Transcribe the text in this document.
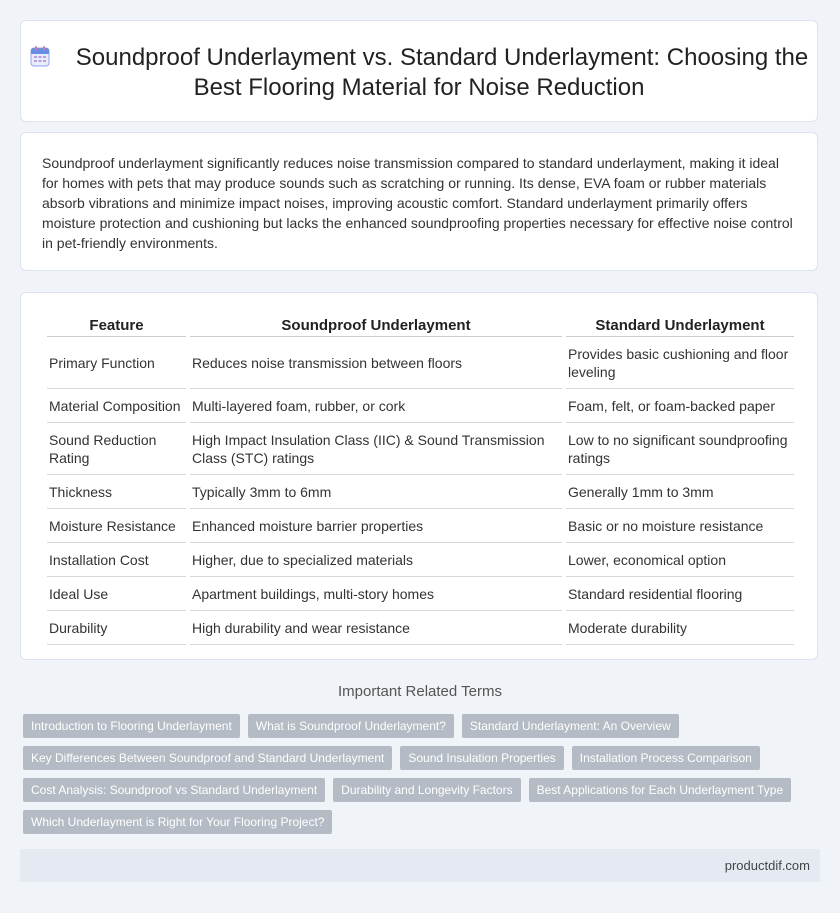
Soundproof Underlayment vs. Standard Underlayment: Choosing the Best Flooring Material for Noise Reduction
Soundproof underlayment significantly reduces noise transmission compared to standard underlayment, making it ideal for homes with pets that may produce sounds such as scratching or running. Its dense, EVA foam or rubber materials absorb vibrations and minimize impact noises, improving acoustic comfort. Standard underlayment primarily offers moisture protection and cushioning but lacks the enhanced soundproofing properties necessary for effective noise control in pet-friendly environments.
Feature	Soundproof Underlayment	Standard Underlayment
Primary Function	Reduces noise transmission between floors	Provides basic cushioning and floor leveling
Material Composition	Multi-layered foam, rubber, or cork	Foam, felt, or foam-backed paper
Sound Reduction Rating	High Impact Insulation Class (IIC) & Sound Transmission Class (STC) ratings	Low to no significant soundproofing ratings
Thickness	Typically 3mm to 6mm	Generally 1mm to 3mm
Moisture Resistance	Enhanced moisture barrier properties	Basic or no moisture resistance
Installation Cost	Higher, due to specialized materials	Lower, economical option
Ideal Use	Apartment buildings, multi-story homes	Standard residential flooring
Durability	High durability and wear resistance	Moderate durability
Important Related Terms
Introduction to Flooring Underlayment	What is Soundproof Underlayment?	Standard Underlayment: An Overview
Key Differences Between Soundproof and Standard Underlayment	Sound Insulation Properties	Installation Process Comparison
Cost Analysis: Soundproof vs Standard Underlayment	Durability and Longevity Factors	Best Applications for Each Underlayment Type
Which Underlayment is Right for Your Flooring Project?
productdif.com
